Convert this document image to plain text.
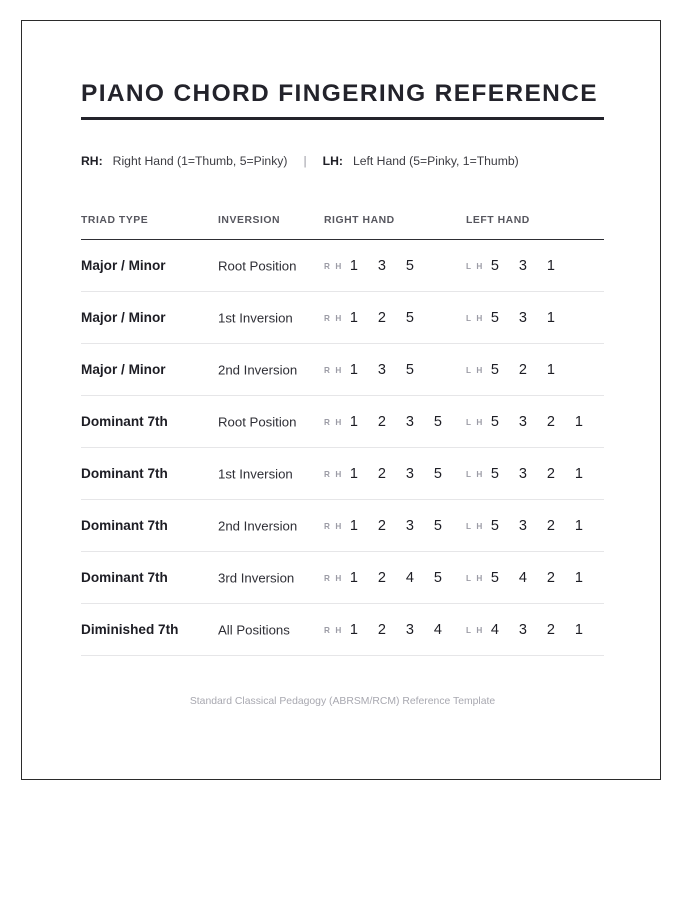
PIANO CHORD FINGERING REFERENCE
RH: Right Hand (1=Thumb, 5=Pinky) | LH: Left Hand (5=Pinky, 1=Thumb)
TRIAD TYPE	INVERSION	RIGHT HAND	LEFT HAND
Major / Minor	Root Position	R H 1	3	5	L H 5	3	1
Major / Minor	1st Inversion	R H 1	2	5	L H 5	3	1
Major / Minor	2nd Inversion	R H 1	3	5	L H 5	2	1
Dominant 7th	Root Position	R H 1	2	3	5	L H 5	3	2	1
Dominant 7th	1st Inversion	R H 1	2	3	5	L H 5	3	2	1
Dominant 7th	2nd Inversion	R H 1	2	3	5	L H 5	3	2	1
Dominant 7th	3rd Inversion	R H 1	2	4	5	L H 5	4	2	1
Diminished 7th	All Positions	R H 1	2	3	4	L H 4	3	2	1
Standard Classical Pedagogy (ABRSM/RCM) Reference Template
